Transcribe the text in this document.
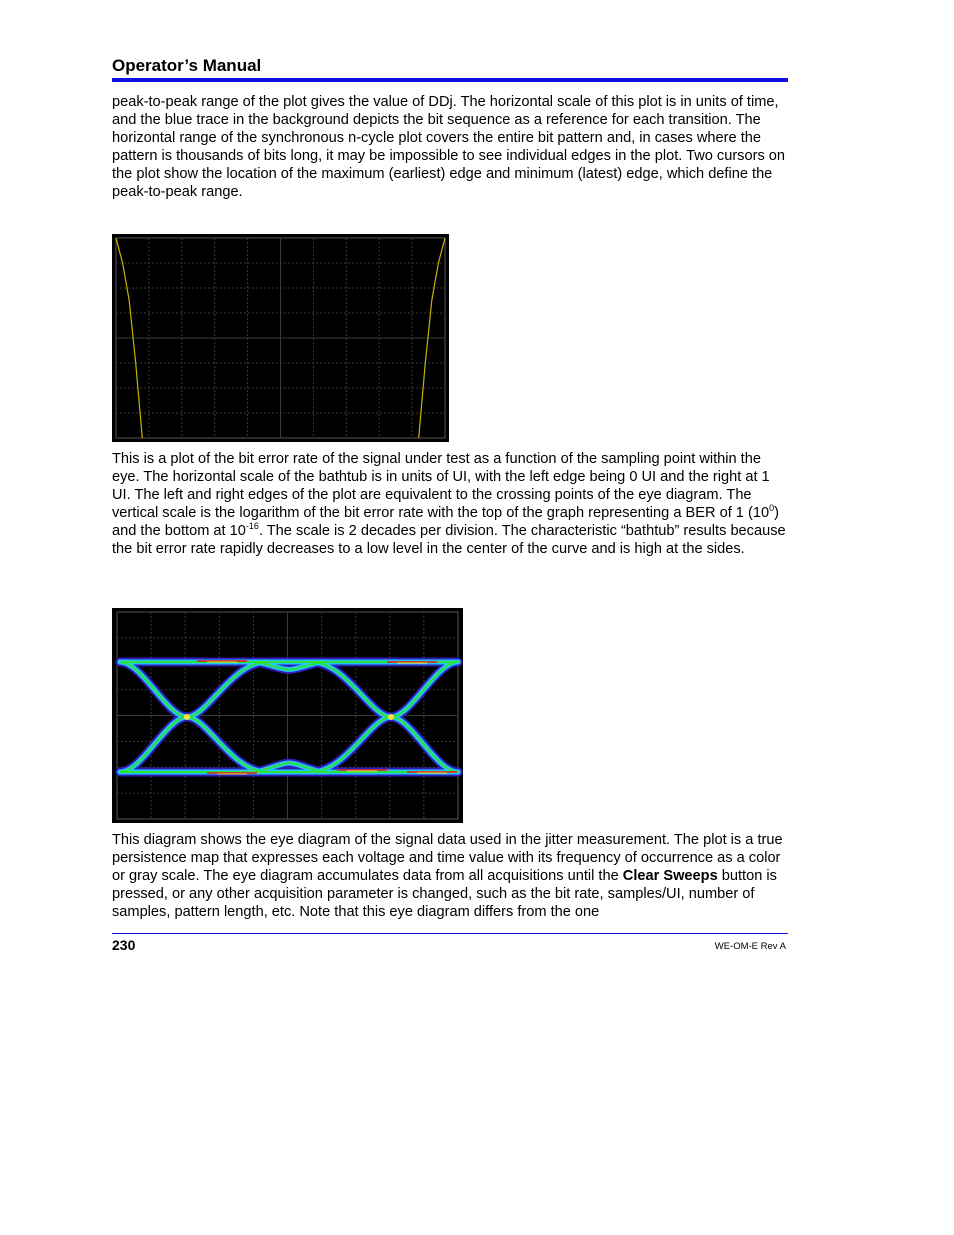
Operator’s Manual

peak-to-peak range of the plot gives the value of DDj. The horizontal scale of this plot is in units of time, and the blue trace in the background depicts the bit sequence as a reference for each transition. The horizontal range of the synchronous n-cycle plot covers the entire bit pattern and, in cases where the pattern is thousands of bits long, it may be impossible to see individual edges in the plot. Two cursors on the plot show the location of the maximum (earliest) edge and minimum (latest) edge, which define the peak-to-peak range.

This is a plot of the bit error rate of the signal under test as a function of the sampling point within the eye. The horizontal scale of the bathtub is in units of UI, with the left edge being 0 UI and the right at 1 UI. The left and right edges of the plot are equivalent to the crossing points of the eye diagram. The vertical scale is the logarithm of the bit error rate with the top of the graph representing a BER of 1 $(10^0)$ and the bottom at $10^{-16}$. The scale is 2 decades per division. The characteristic “bathtub” results because the bit error rate rapidly decreases to a low level in the center of the curve and is high at the sides.

This diagram shows the eye diagram of the signal data used in the jitter measurement. The plot is a true persistence map that expresses each voltage and time value with its frequency of occurrence as a color or gray scale. The eye diagram accumulates data from all acquisitions until the Clear Sweeps button is pressed, or any other acquisition parameter is changed, such as the bit rate, samples/UI, number of samples, pattern length, etc. Note that this eye diagram differs from the one

230	WE-OM-E Rev A
